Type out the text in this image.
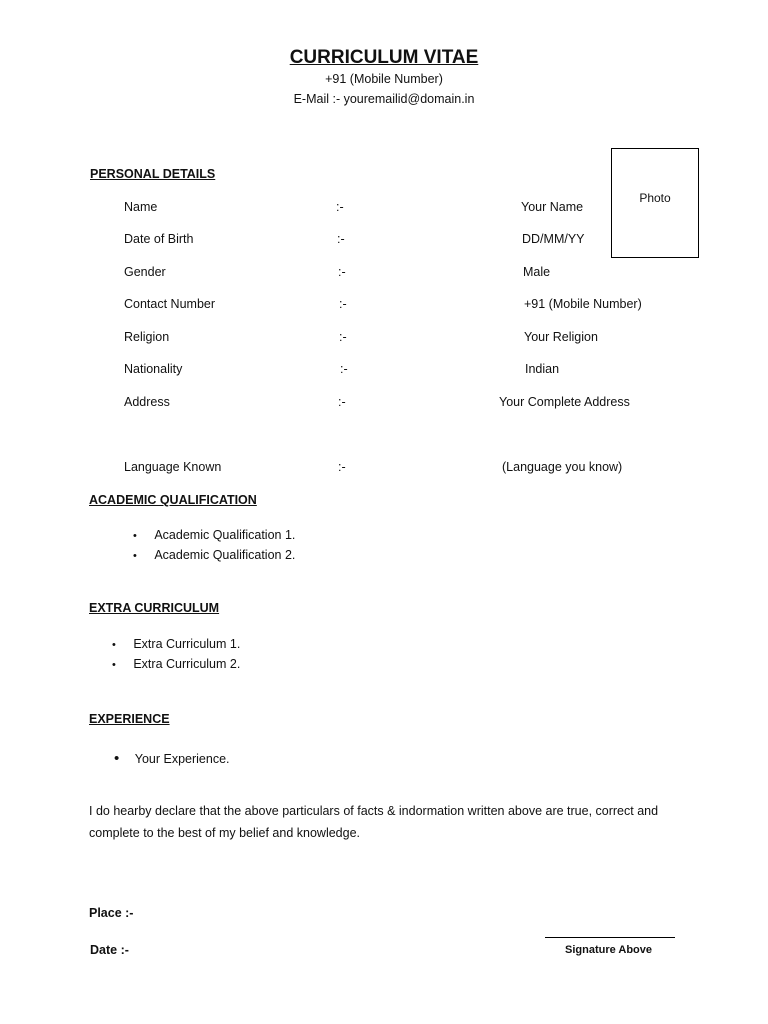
CURRICULUM VITAE
+91 (Mobile Number)
E-Mail :- youremailid@domain.in
Photo
PERSONAL DETAILS
Name	:-	Your Name
Date of Birth	:-	DD/MM/YY
Gender	:-	Male
Contact Number	:-	+91 (Mobile Number)
Religion	:-	Your Religion
Nationality	:-	Indian
Address	:-	Your Complete Address
Language Known	:-	(Language you know)
ACADEMIC QUALIFICATION
• Academic Qualification 1.
• Academic Qualification 2.
EXTRA CURRICULUM
• Extra Curriculum 1.
• Extra Curriculum 2.
EXPERIENCE
• Your Experience.
I do hearby declare that the above particulars of facts & indormation written above are true, correct and complete to the best of my belief and knowledge.
Place :-
Date :-	Signature Above
